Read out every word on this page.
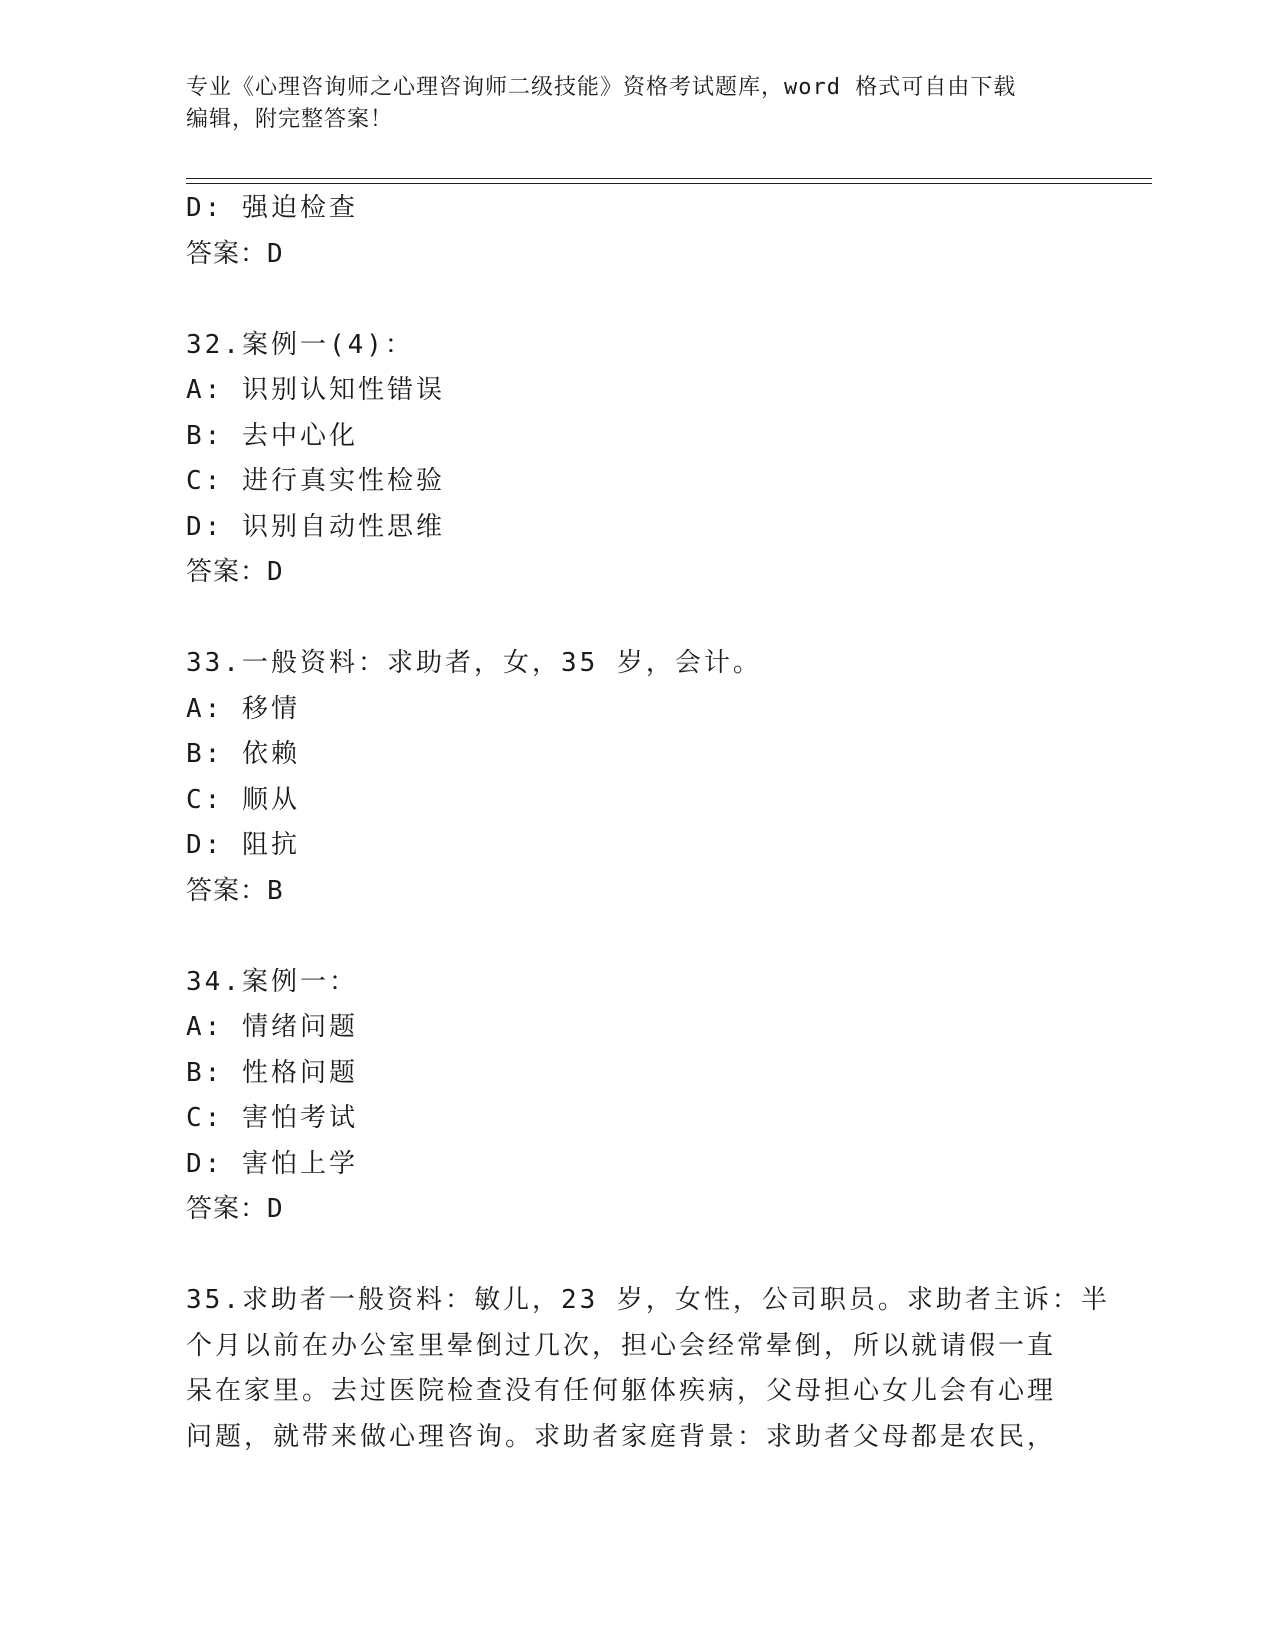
专业《心理咨询师之心理咨询师二级技能》资格考试题库，word 格式可自由下载
编辑，附完整答案！
D: 强迫检查
答案：D
32.案例一(4)：
A: 识别认知性错误
B: 去中心化
C: 进行真实性检验
D: 识别自动性思维
答案：D
33.一般资料：求助者，女，35 岁，会计。
A: 移情
B: 依赖
C: 顺从
D: 阻抗
答案：B
34.案例一：
A: 情绪问题
B: 性格问题
C: 害怕考试
D: 害怕上学
答案：D
35.求助者一般资料：敏儿，23 岁，女性，公司职员。求助者主诉：半
个月以前在办公室里晕倒过几次，担心会经常晕倒，所以就请假一直
呆在家里。去过医院检查没有任何躯体疾病，父母担心女儿会有心理
问题，就带来做心理咨询。求助者家庭背景：求助者父母都是农民，
